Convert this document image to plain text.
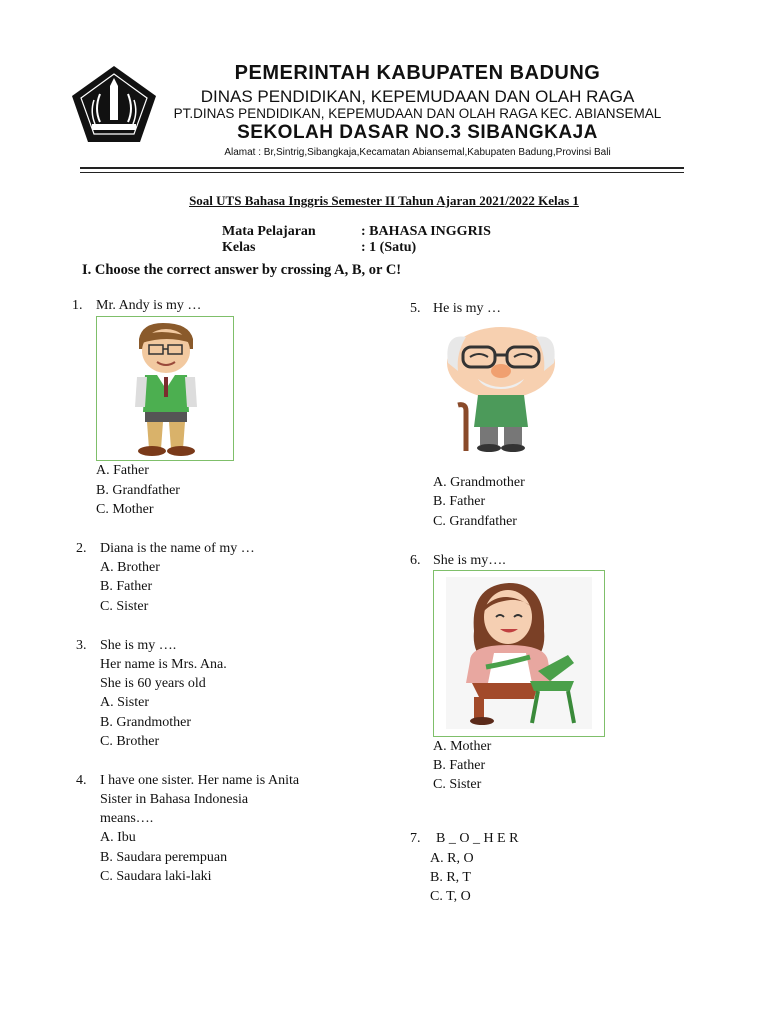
PEMERINTAH KABUPATEN BADUNG
DINAS PENDIDIKAN, KEPEMUDAAN DAN OLAH RAGA
PT.DINAS PENDIDIKAN, KEPEMUDAAN DAN OLAH RAGA KEC. ABIANSEMAL
SEKOLAH DASAR NO.3 SIBANGKAJA
Alamat : Br,Sintrig,Sibangkaja,Kecamatan Abiansemal,Kabupaten Badung,Provinsi Bali
Soal UTS Bahasa Inggris Semester II Tahun Ajaran 2021/2022 Kelas 1
Mata Pelajaran	: BAHASA INGGRIS
Kelas	: 1 (Satu)
I. Choose the correct answer by crossing A, B, or C!
1. Mr. Andy is my …
A. Father
B. Grandfather
C. Mother
2. Diana is the name of my …
A. Brother
B. Father
C. Sister
3. She is my ….
Her name is Mrs. Ana.
She is 60 years old
A. Sister
B. Grandmother
C. Brother
4. I have one sister. Her name is Anita
Sister in Bahasa Indonesia
means….
A. Ibu
B. Saudara perempuan
C. Saudara laki-laki
5. He is my …
A. Grandmother
B. Father
C. Grandfather
6. She is my….
A. Mother
B. Father
C. Sister
7. B _ O _ H E R
A. R, O
B. R, T
C. T, O
